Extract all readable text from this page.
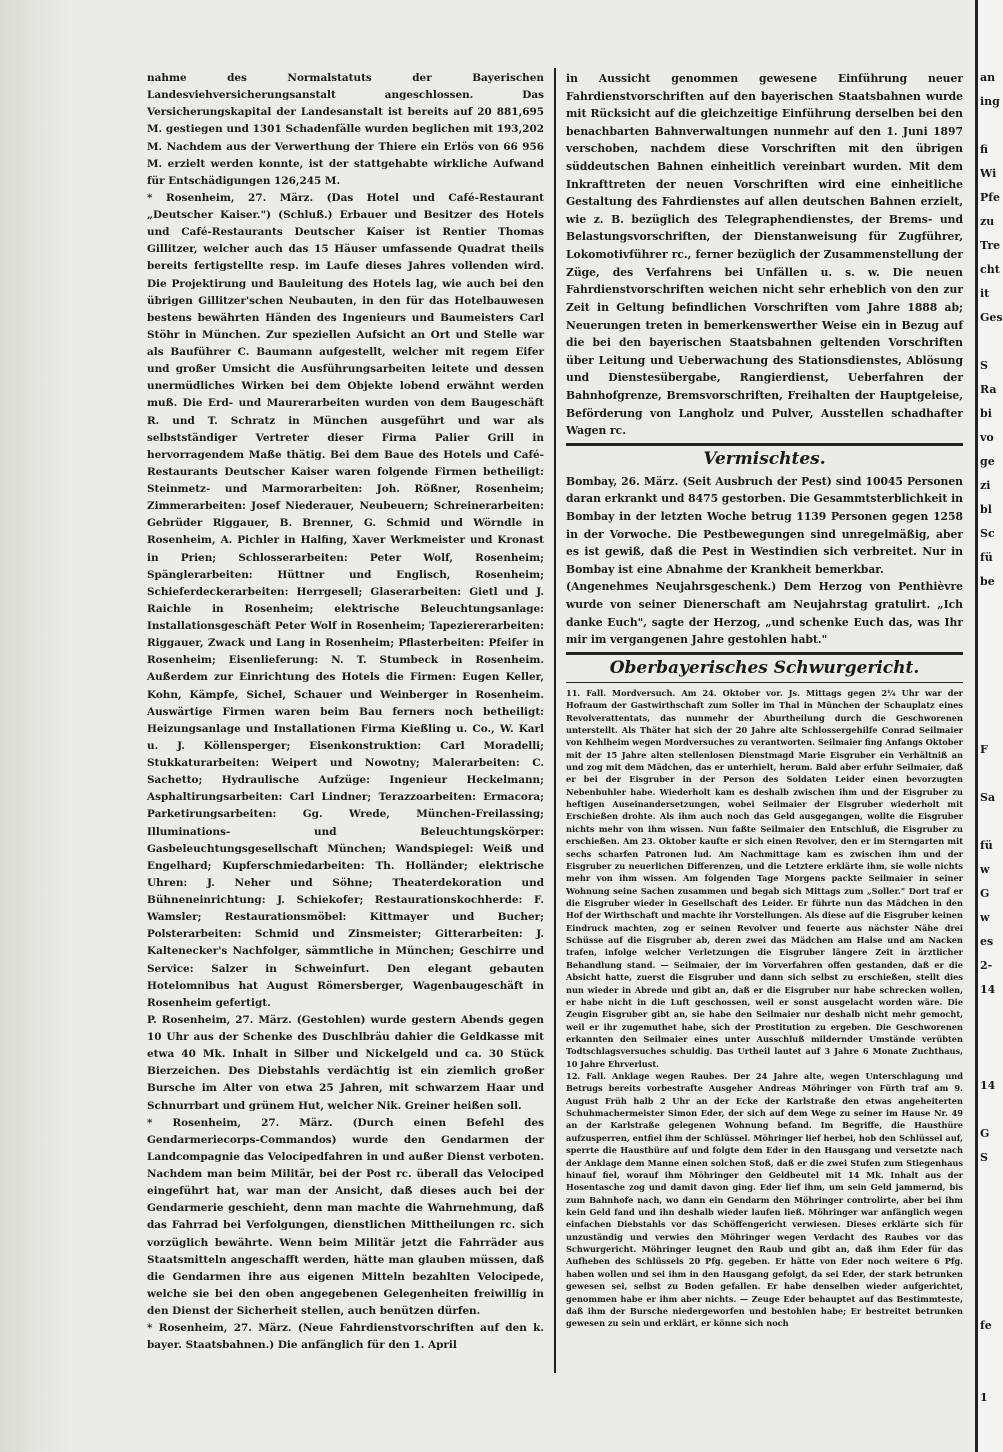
nahme des Normalstatuts der Bayerischen Landesviehversicherungsanstalt angeschlossen. Das Versicherungskapital der Landesanstalt ist bereits auf 20 881,695 M. gestiegen und 1301 Schadenfälle wurden beglichen mit 193,202 M. Nachdem aus der Verwerthung der Thiere ein Erlös von 66 956 M. erzielt werden konnte, ist der stattgehabte wirkliche Aufwand für Entschädigungen 126,245 M.

* Rosenheim, 27. März. (Das Hotel und Café-Restaurant „Deutscher Kaiser.") (Schluß.) Erbauer und Besitzer des Hotels und Café-Restaurants Deutscher Kaiser ist Rentier Thomas Gillitzer, welcher auch das 15 Häuser umfassende Quadrat theils bereits fertigstellte resp. im Laufe dieses Jahres vollenden wird. Die Projektirung und Bauleitung des Hotels lag, wie auch bei den übrigen Gillitzer'schen Neubauten, in den für das Hotelbauwesen bestens bewährten Händen des Ingenieurs und Baumeisters Carl Stöhr in München. Zur speziellen Aufsicht an Ort und Stelle war als Bauführer C. Baumann aufgestellt, welcher mit regem Eifer und großer Umsicht die Ausführungsarbeiten leitete und dessen unermüdliches Wirken bei dem Objekte lobend erwähnt werden muß. Die Erd- und Maurerarbeiten wurden von dem Baugeschäft R. und T. Schratz in München ausgeführt und war als selbstständiger Vertreter dieser Firma Palier Grill in hervorragendem Maße thätig. Bei dem Baue des Hotels und Café-Restaurants Deutscher Kaiser waren folgende Firmen betheiligt: Steinmetz- und Marmorarbeiten: Joh. Rößner, Rosenheim; Zimmerarbeiten: Josef Niederauer, Neubeuern; Schreinerarbeiten: Gebrüder Riggauer, B. Brenner, G. Schmid und Wörndle in Rosenheim, A. Pichler in Halfing, Xaver Werkmeister und Kronast in Prien; Schlosserarbeiten: Peter Wolf, Rosenheim; Spänglerarbeiten: Hüttner und Englisch, Rosenheim; Schieferdeckerarbeiten: Herrgesell; Glaserarbeiten: Gietl und J. Raichle in Rosenheim; elektrische Beleuchtungsanlage: Installationsgeschäft Peter Wolf in Rosenheim; Tapeziererarbeiten: Riggauer, Zwack und Lang in Rosenheim; Pflasterbeiten: Pfeifer in Rosenheim; Eisenlieferung: N. T. Stumbeck in Rosenheim. Außerdem zur Einrichtung des Hotels die Firmen: Eugen Keller, Kohn, Kämpfe, Sichel, Schauer und Weinberger in Rosenheim. Auswärtige Firmen waren beim Bau ferners noch betheiligt: Heizungsanlage und Installationen Firma Kießling u. Co., W. Karl u. J. Köllensperger; Eisenkonstruktion: Carl Moradelli; Stukkaturarbeiten: Weipert und Nowotny; Malerarbeiten: C. Sachetto; Hydraulische Aufzüge: Ingenieur Heckelmann; Asphaltirungsarbeiten: Carl Lindner; Terazzoarbeiten: Ermacora; Parketirungsarbeiten: Gg. Wrede, München-Freilassing; Illuminations- und Beleuchtungskörper: Gasbeleuchtungsgesellschaft München; Wandspiegel: Weiß und Engelhard; Kupferschmiedarbeiten: Th. Holländer; elektrische Uhren: J. Neher und Söhne; Theaterdekoration und Bühneneinrichtung: J. Schiekofer; Restaurationskochherde: F. Wamsler; Restaurationsmöbel: Kittmayer und Bucher; Polsterarbeiten: Schmid und Zinsmeister; Gitterarbeiten: J. Kaltenecker's Nachfolger, sämmtliche in München; Geschirre und Service: Salzer in Schweinfurt. Den elegant gebauten Hotelomnibus hat August Römersberger, Wagenbaugeschäft in Rosenheim gefertigt.

P. Rosenheim, 27. März. (Gestohlen) wurde gestern Abends gegen 10 Uhr aus der Schenke des Duschlbräu dahier die Geldkasse mit etwa 40 Mk. Inhalt in Silber und Nickelgeld und ca. 30 Stück Bierzeichen. Des Diebstahls verdächtig ist ein ziemlich großer Bursche im Alter von etwa 25 Jahren, mit schwarzem Haar und Schnurrbart und grünem Hut, welcher Nik. Greiner heißen soll.

* Rosenheim, 27. März. (Durch einen Befehl des Gendarmeriecorps-Commandos) wurde den Gendarmen der Landcompagnie das Velocipedfahren in und außer Dienst verboten. Nachdem man beim Militär, bei der Post rc. überall das Velociped eingeführt hat, war man der Ansicht, daß dieses auch bei der Gendarmerie geschieht, denn man machte die Wahrnehmung, daß das Fahrrad bei Verfolgungen, dienstlichen Mittheilungen rc. sich vorzüglich bewährte. Wenn beim Militär jetzt die Fahrräder aus Staatsmitteln angeschafft werden, hätte man glauben müssen, daß die Gendarmen ihre aus eigenen Mitteln bezahlten Velocipede, welche sie bei den oben angegebenen Gelegenheiten freiwillig in den Dienst der Sicherheit stellen, auch benützen dürfen.

* Rosenheim, 27. März. (Neue Fahrdienstvorschriften auf den k. bayer. Staatsbahnen.) Die anfänglich für den 1. April

in Aussicht genommen gewesene Einführung neuer Fahrdienstvorschriften auf den bayerischen Staatsbahnen wurde mit Rücksicht auf die gleichzeitige Einführung derselben bei den benachbarten Bahnverwaltungen nunmehr auf den 1. Juni 1897 verschoben, nachdem diese Vorschriften mit den übrigen süddeutschen Bahnen einheitlich vereinbart wurden. Mit dem Inkrafttreten der neuen Vorschriften wird eine einheitliche Gestaltung des Fahrdienstes auf allen deutschen Bahnen erzielt, wie z. B. bezüglich des Telegraphendienstes, der Brems- und Belastungsvorschriften, der Dienstanweisung für Zugführer, Lokomotivführer rc., ferner bezüglich der Zusammenstellung der Züge, des Verfahrens bei Unfällen u. s. w. Die neuen Fahrdienstvorschriften weichen nicht sehr erheblich von den zur Zeit in Geltung befindlichen Vorschriften vom Jahre 1888 ab; Neuerungen treten in bemerkenswerther Weise ein in Bezug auf die bei den bayerischen Staatsbahnen geltenden Vorschriften über Leitung und Ueberwachung des Stationsdienstes, Ablösung und Dienstesübergabe, Rangierdienst, Ueberfahren der Bahnhofgrenze, Bremsvorschriften, Freihalten der Hauptgeleise, Beförderung von Langholz und Pulver, Ausstellen schadhafter Wagen rc.

Vermischtes.

Bombay, 26. März. (Seit Ausbruch der Pest) sind 10045 Personen daran erkrankt und 8475 gestorben. Die Gesammtsterblichkeit in Bombay in der letzten Woche betrug 1139 Personen gegen 1258 in der Vorwoche. Die Pestbewegungen sind unregelmäßig, aber es ist gewiß, daß die Pest in Westindien sich verbreitet. Nur in Bombay ist eine Abnahme der Krankheit bemerkbar.

(Angenehmes Neujahrsgeschenk.) Dem Herzog von Penthièvre wurde von seiner Dienerschaft am Neujahrstag gratulirt. „Ich danke Euch", sagte der Herzog, „und schenke Euch das, was Ihr mir im vergangenen Jahre gestohlen habt."

Oberbayerisches Schwurgericht.

11. Fall. Mordversuch. Am 24. Oktober vor. Js. Mittags gegen 2¼ Uhr war der Hofraum der Gastwirthschaft zum Soller im Thal in München der Schauplatz eines Revolverattentats, das nunmehr der Aburtheilung durch die Geschworenen unterstellt. Als Thäter hat sich der 20 Jahre alte Schlossergehilfe Conrad Seilmaier von Kehlheim wegen Mordversuches zu verantworten. Seilmaier fing Anfangs Oktober mit der 15 Jahre alten stellenlosen Dienstmagd Marie Eisgruber ein Verhältniß an und zog mit dem Mädchen, das er unterhielt, herum. Bald aber erfuhr Seilmaier, daß er bei der Eisgruber in der Person des Soldaten Leider einen bevorzugten Nebenbuhler habe. Wiederholt kam es deshalb zwischen ihm und der Eisgruber zu heftigen Auseinandersetzungen, wobei Seilmaier der Eisgruber wiederholt mit Erschießen drohte. Als ihm auch noch das Geld ausgegangen, wollte die Eisgruber nichts mehr von ihm wissen. Nun faßte Seilmaier den Entschluß, die Eisgruber zu erschießen. Am 23. Oktober kaufte er sich einen Revolver, den er im Sterngarten mit sechs scharfen Patronen lud. Am Nachmittage kam es zwischen ihm und der Eisgruber zu neuerlichen Differenzen, und die Letztere erklärte ihm, sie wolle nichts mehr von ihm wissen. Am folgenden Tage Morgens packte Seilmaier in seiner Wohnung seine Sachen zusammen und begab sich Mittags zum „Soller." Dort traf er die Eisgruber wieder in Gesellschaft des Leider. Er führte nun das Mädchen in den Hof der Wirthschaft und machte ihr Vorstellungen. Als diese auf die Eisgruber keinen Eindruck machten, zog er seinen Revolver und feuerte aus nächster Nähe drei Schüsse auf die Eisgruber ab, deren zwei das Mädchen am Halse und am Nacken trafen, infolge welcher Verletzungen die Eisgruber längere Zeit in ärztlicher Behandlung stand. — Seilmaier, der im Vorverfahren offen gestanden, daß er die Absicht hatte, zuerst die Eisgruber und dann sich selbst zu erschießen, stellt dies nun wieder in Abrede und gibt an, daß er die Eisgruber nur habe schrecken wollen, er habe nicht in die Luft geschossen, weil er sonst ausgelacht worden wäre. Die Zeugin Eisgruber gibt an, sie habe den Seilmaier nur deshalb nicht mehr gemocht, weil er ihr zugemuthet habe, sich der Prostitution zu ergeben. Die Geschworenen erkannten den Seilmaier eines unter Ausschluß mildernder Umstände verübten Todtschlagsversuches schuldig. Das Urtheil lautet auf 3 Jahre 6 Monate Zuchthaus, 10 Jahre Ehrverlust.

12. Fall. Anklage wegen Raubes. Der 24 Jahre alte, wegen Unterschlagung und Betrugs bereits vorbestrafte Ausgeher Andreas Möhringer von Fürth traf am 9. August Früh halb 2 Uhr an der Ecke der Karlstraße den etwas angeheiterten Schuhmachermeister Simon Eder, der sich auf dem Wege zu seiner im Hause Nr. 49 an der Karlstraße gelegenen Wohnung befand. Im Begriffe, die Hausthüre aufzusperren, entfiel ihm der Schlüssel. Möhringer lief herbei, hob den Schlüssel auf, sperrte die Hausthüre auf und folgte dem Eder in den Hausgang und versetzte nach der Anklage dem Manne einen solchen Stoß, daß er die zwei Stufen zum Stiegenhaus hinauf fiel, worauf ihm Möhringer den Geldbeutel mit 14 Mk. Inhalt aus der Hosentasche zog und damit davon ging. Eder lief ihm, um sein Geld jammernd, bis zum Bahnhofe nach, wo dann ein Gendarm den Möhringer controlirte, aber bei ihm kein Geld fand und ihn deshalb wieder laufen ließ. Möhringer war anfänglich wegen einfachen Diebstahls vor das Schöffengericht verwiesen. Dieses erklärte sich für unzuständig und verwies den Möhringer wegen Verdacht des Raubes vor das Schwurgericht. Möhringer leugnet den Raub und gibt an, daß ihm Eder für das Aufheben des Schlüssels 20 Pfg. gegeben. Er hätte von Eder noch weitere 6 Pfg. haben wollen und sei ihm in den Hausgang gefolgt, da sei Eder, der stark betrunken gewesen sei, selbst zu Boden gefallen. Er habe denselben wieder aufgerichtet, genommen habe er ihm aber nichts. — Zeuge Eder behauptet auf das Bestimmteste, daß ihm der Bursche niedergeworfen und bestohlen habe; Er bestreitet betrunken gewesen zu sein und erklärt, er könne sich noch

an
ing
fi
Wi
Pfe
zu
Tre
cht
it
Ges
S
Ra
bi
vo
ge
zi
bl
Sc
fü
be
F
Sa
fü
w
G
w
es
2-
14
14
G
S
fe
1
